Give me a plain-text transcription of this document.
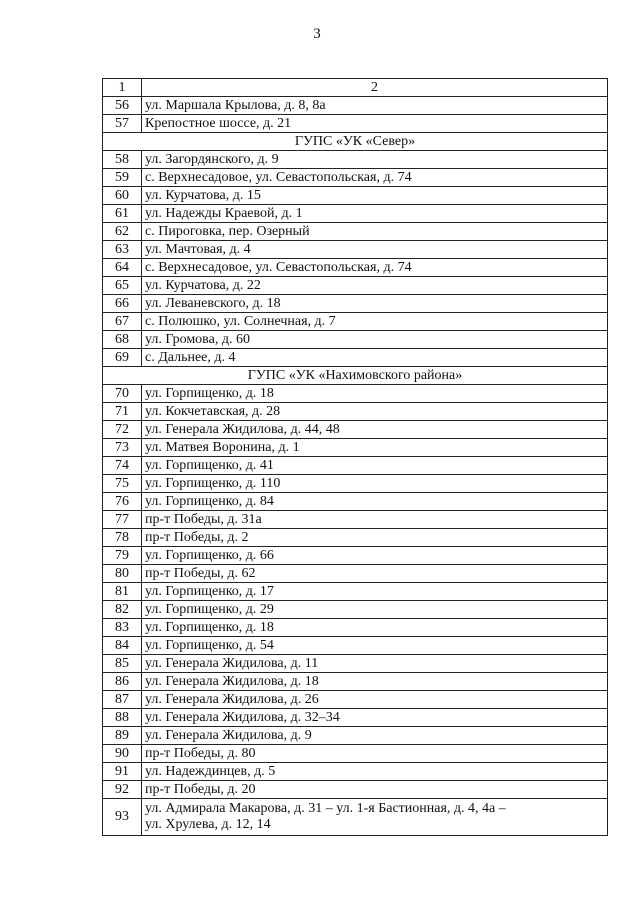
3
1	2
56	ул. Маршала Крылова, д. 8, 8а
57	Крепостное шоссе, д. 21
ГУПС «УК «Север»	
58	ул. Загордянского, д. 9
59	с. Верхнесадовое, ул. Севастопольская, д. 74
60	ул. Курчатова, д. 15
61	ул. Надежды Краевой, д. 1
62	с. Пироговка, пер. Озерный
63	ул. Мачтовая, д. 4
64	с. Верхнесадовое, ул. Севастопольская, д. 74
65	ул. Курчатова, д. 22
66	ул. Леваневского, д. 18
67	с. Полюшко, ул. Солнечная, д. 7
68	ул. Громова, д. 60
69	с. Дальнее, д. 4
ГУПС «УК «Нахимовского района»	
70	ул. Горпищенко, д. 18
71	ул. Кокчетавская, д. 28
72	ул. Генерала Жидилова, д. 44, 48
73	ул. Матвея Воронина, д. 1
74	ул. Горпищенко, д. 41
75	ул. Горпищенко, д. 110
76	ул. Горпищенко, д. 84
77	пр-т Победы, д. 31а
78	пр-т Победы, д. 2
79	ул. Горпищенко, д. 66
80	пр-т Победы, д. 62
81	ул. Горпищенко, д. 17
82	ул. Горпищенко, д. 29
83	ул. Горпищенко, д. 18
84	ул. Горпищенко, д. 54
85	ул. Генерала Жидилова, д. 11
86	ул. Генерала Жидилова, д. 18
87	ул. Генерала Жидилова, д. 26
88	ул. Генерала Жидилова, д. 32–34
89	ул. Генерала Жидилова, д. 9
90	пр-т Победы, д. 80
91	ул. Надеждинцев, д. 5
92	пр-т Победы, д. 20
93	ул. Адмирала Макарова, д. 31 – ул. 1-я Бастионная, д. 4, 4а –
ул. Хрулева, д. 12, 14
